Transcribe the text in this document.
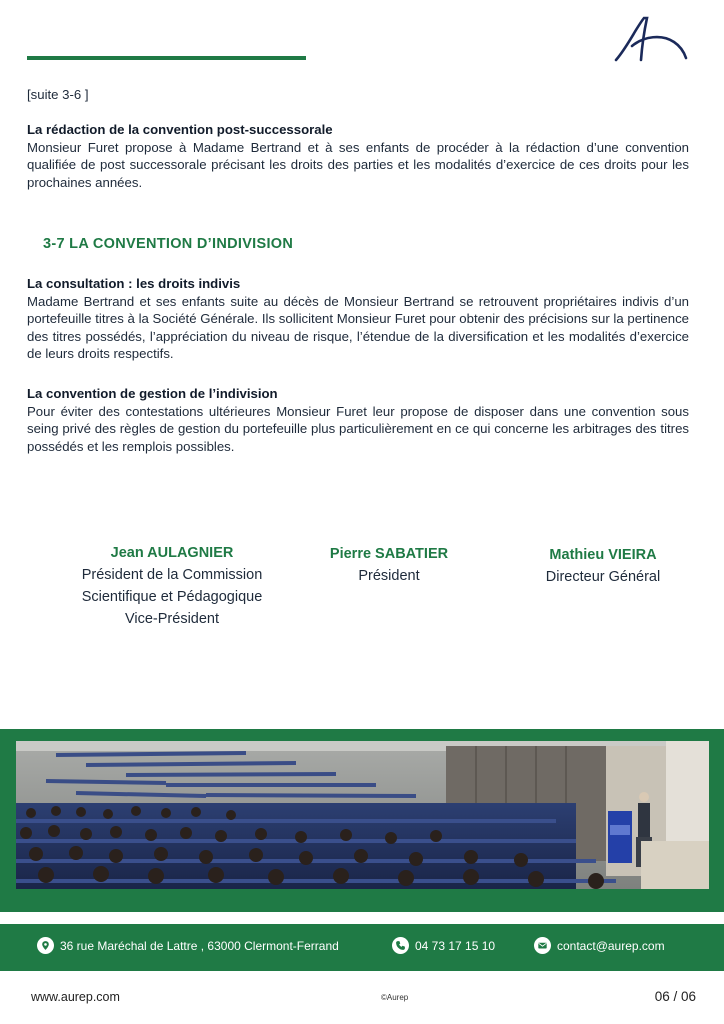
[suite 3-6 ]
La rédaction de la convention post-successorale
Monsieur Furet propose à Madame Bertrand et à ses enfants de procéder à la rédaction d’une convention qualifiée de post successorale précisant les droits des parties et les modalités d’exercice de ces droits pour les prochaines années.
3-7 LA CONVENTION D’INDIVISION
La consultation : les droits indivis
Madame Bertrand et ses enfants suite au décès de Monsieur Bertrand se retrouvent propriétaires indivis d’un portefeuille titres à la Société Générale. Ils sollicitent Monsieur Furet pour obtenir des précisions sur la pertinence des titres possédés, l’appréciation du niveau de risque, l’étendue de la diversification et les modalités d’exercice de leurs droits respectifs.
La convention de gestion de l’indivision
Pour éviter des contestations ultérieures Monsieur Furet leur propose de disposer dans une convention sous seing privé des règles de gestion du portefeuille plus particulièrement en ce qui concerne les arbitrages des titres possédés et les remplois possibles.
Jean AULAGNIER
Président de la Commission
Scientifique et Pédagogique
Vice-Président
Pierre SABATIER
Président
Mathieu VIEIRA
Directeur Général
36 rue Maréchal de Lattre , 63000 Clermont-Ferrand	04 73 17 15 10	contact@aurep.com
www.aurep.com	©Aurep	06 / 06
